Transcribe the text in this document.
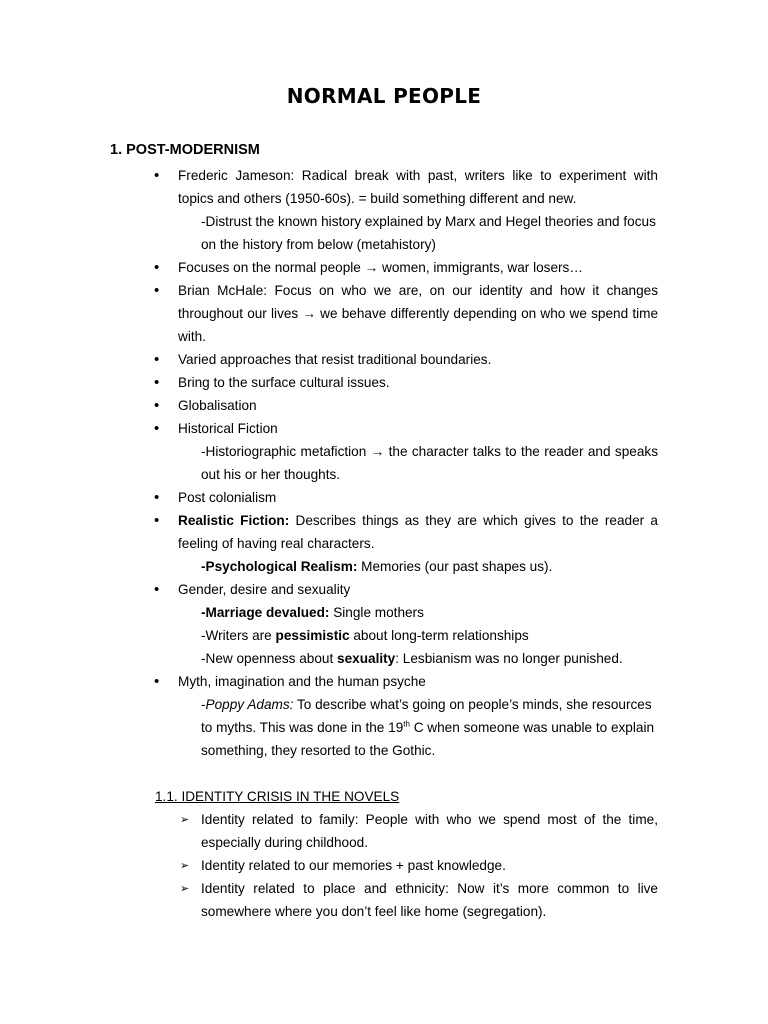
NORMAL PEOPLE
1. POST-MODERNISM
• Frederic Jameson: Radical break with past, writers like to experiment with topics and others (1950-60s). = build something different and new.
-Distrust the known history explained by Marx and Hegel theories and focus on the history from below (metahistory)
• Focuses on the normal people → women, immigrants, war losers…
• Brian McHale: Focus on who we are, on our identity and how it changes throughout our lives → we behave differently depending on who we spend time with.
• Varied approaches that resist traditional boundaries.
• Bring to the surface cultural issues.
• Globalisation
• Historical Fiction
-Historiographic metafiction → the character talks to the reader and speaks out his or her thoughts.
• Post colonialism
• Realistic Fiction: Describes things as they are which gives to the reader a feeling of having real characters.
-Psychological Realism: Memories (our past shapes us).
• Gender, desire and sexuality
-Marriage devalued: Single mothers
-Writers are pessimistic about long-term relationships
-New openness about sexuality: Lesbianism was no longer punished.
• Myth, imagination and the human psyche
-Poppy Adams: To describe what’s going on people’s minds, she resources to myths. This was done in the 19th C when someone was unable to explain something, they resorted to the Gothic.
1.1. IDENTITY CRISIS IN THE NOVELS
➢ Identity related to family: People with who we spend most of the time, especially during childhood.
➢ Identity related to our memories + past knowledge.
➢ Identity related to place and ethnicity: Now it’s more common to live somewhere where you don’t feel like home (segregation).
